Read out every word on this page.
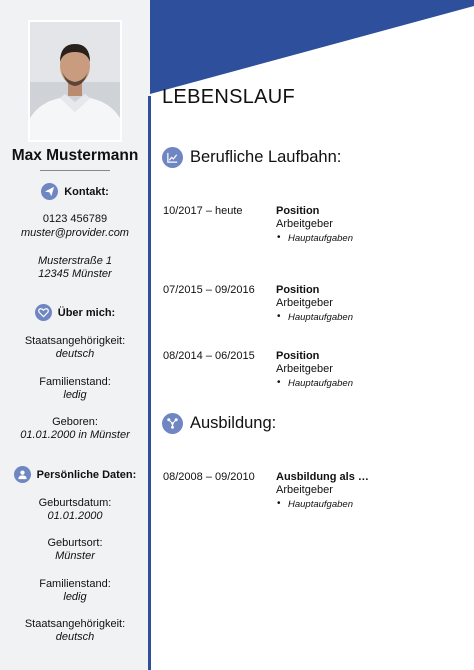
Max Mustermann
Kontakt:
0123 456789
muster@provider.com
Musterstraße 1
12345 Münster
Über mich:
Staatsangehörigkeit:
deutsch
Familienstand:
ledig
Geboren:
01.01.2000 in Münster
Persönliche Daten:
Geburtsdatum:
01.01.2000
Geburtsort:
Münster
Familienstand:
ledig
Staatsangehörigkeit:
deutsch
LEBENSLAUF
Berufliche Laufbahn:
10/2017 – heute	Position
Arbeitgeber
• Hauptaufgaben
07/2015 – 09/2016	Position
Arbeitgeber
• Hauptaufgaben
08/2014 – 06/2015	Position
Arbeitgeber
• Hauptaufgaben
Ausbildung:
08/2008 – 09/2010	Ausbildung als …
Arbeitgeber
• Hauptaufgaben
